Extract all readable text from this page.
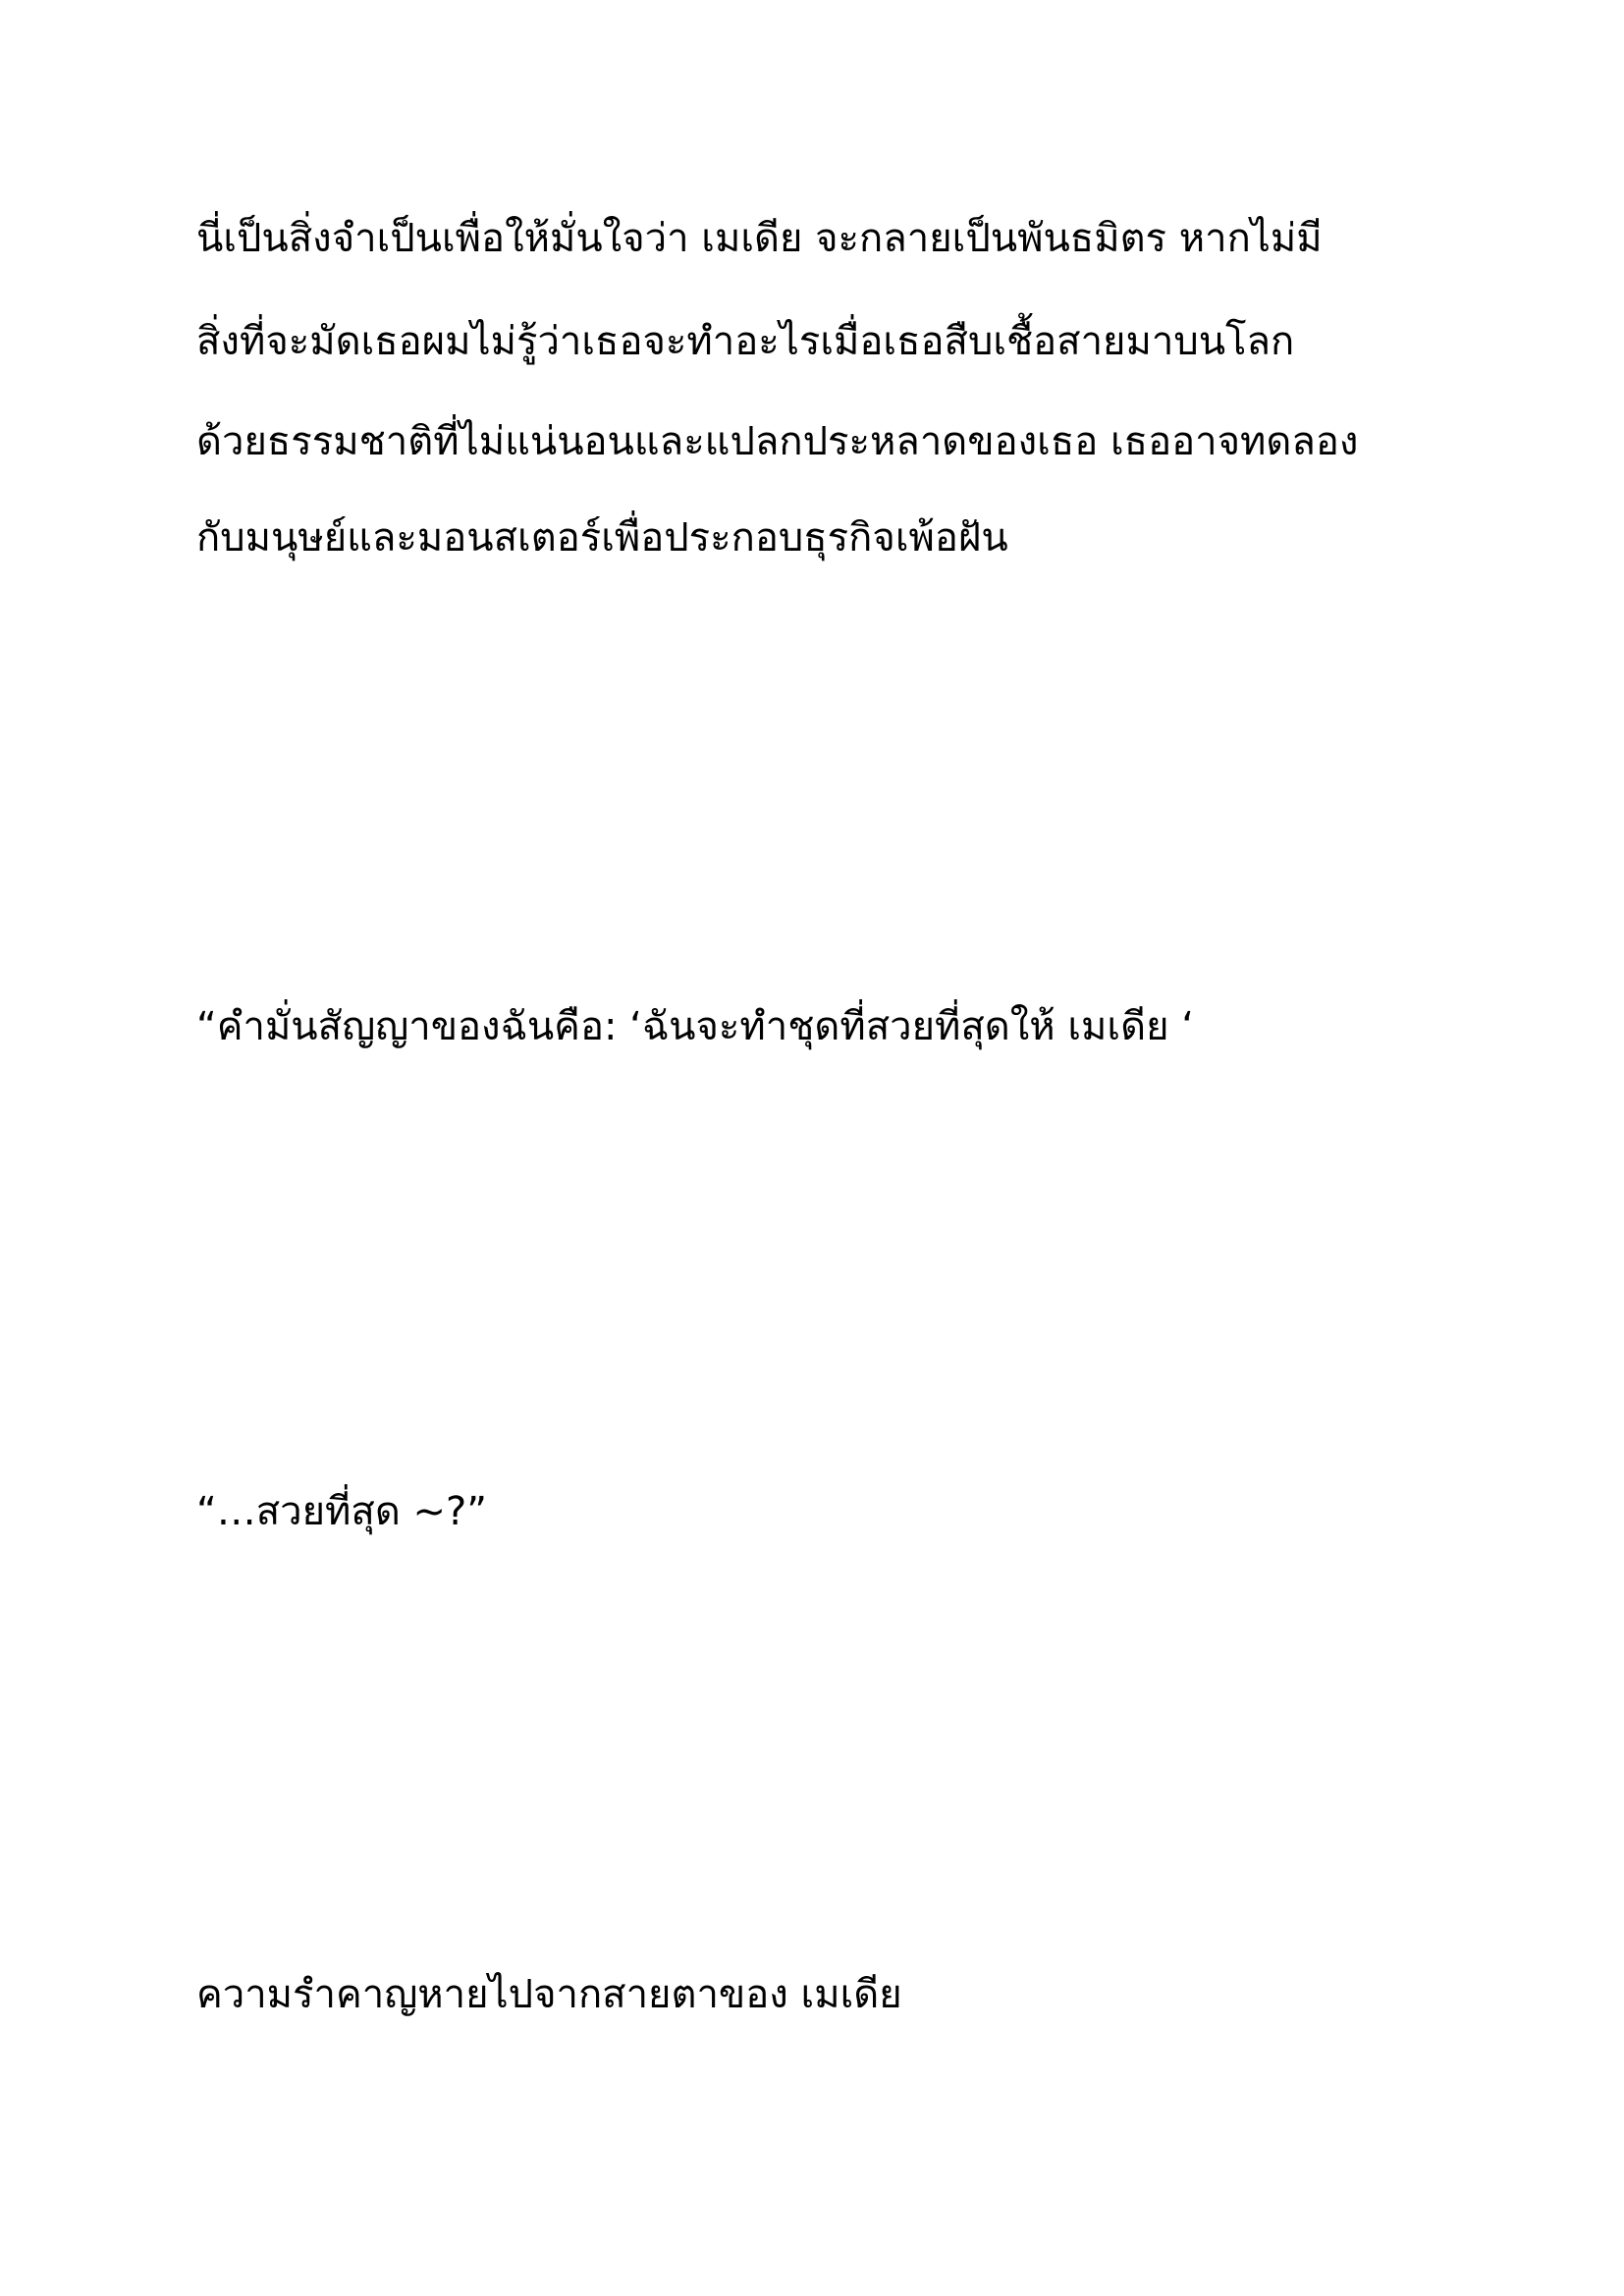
นี่เป็นสิ่งจำเป็นเพื่อให้มั่นใจว่า เมเดีย จะกลายเป็นพันธมิตร หากไม่มี

สิ่งที่จะมัดเธอผมไม่รู้ว่าเธอจะทำอะไรเมื่อเธอสืบเชื้อสายมาบนโลก

ด้วยธรรมชาติที่ไม่แน่นอนและแปลกประหลาดของเธอ เธออาจทดลอง

กับมนุษย์และมอนสเตอร์เพื่อประกอบธุรกิจเพ้อฝัน

“คำมั่นสัญญาของฉันคือ: ‘ฉันจะทำชุดที่สวยที่สุดให้ เมเดีย ‘

“…สวยที่สุด ~?”

ความรำคาญหายไปจากสายตาของ เมเดีย
